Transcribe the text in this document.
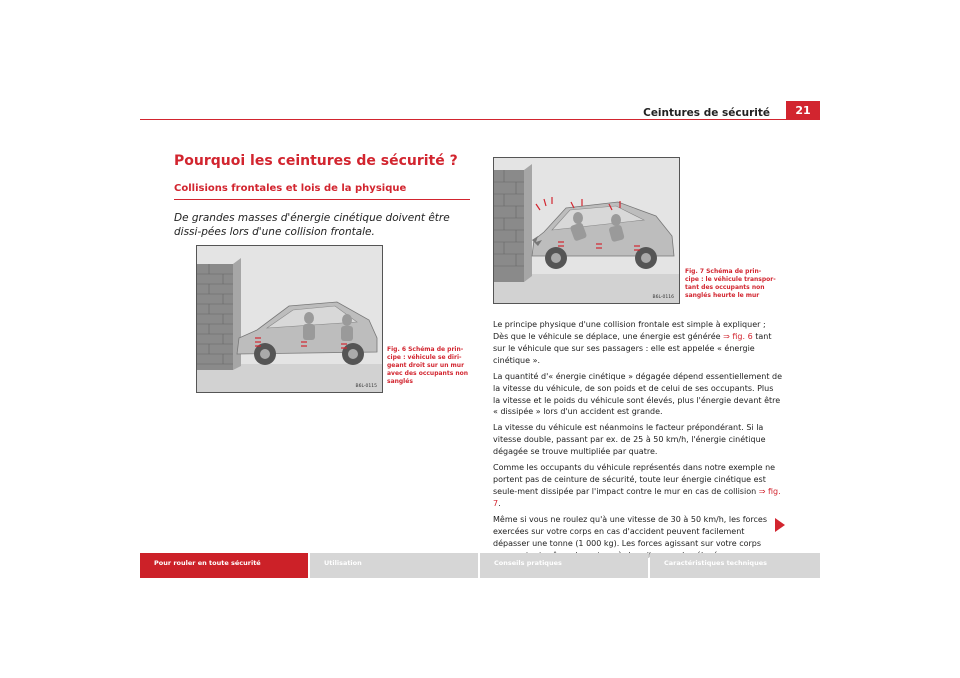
Ceintures de sécurité	21
Pourquoi les ceintures de sécurité ?
Collisions frontales et lois de la physique
De grandes masses d'énergie cinétique doivent être dissi-pées lors d'une collision frontale.
B6L-0115
Fig. 6 Schéma de prin-
cipe : véhicule se diri-
geant droit sur un mur
avec des occupants non
sanglés
B6L-0116
Fig. 7 Schéma de prin-
cipe : le véhicule transpor-
tant des occupants non
sanglés heurte le mur

Le principe physique d'une collision frontale est simple à expliquer ; Dès que le véhicule se déplace, une énergie est générée ⇒ fig. 6 tant sur le véhicule que sur ses passagers : elle est appelée « énergie cinétique ».

La quantité d'« énergie cinétique » dégagée dépend essentiellement de la vitesse du véhicule, de son poids et de celui de ses occupants. Plus la vitesse et le poids du véhicule sont élevés, plus l'énergie devant être « dissipée » lors d'un accident est grande.

La vitesse du véhicule est néanmoins le facteur prépondérant. Si la vitesse double, passant par ex. de 25 à 50 km/h, l'énergie cinétique dégagée se trouve multipliée par quatre.

Comme les occupants du véhicule représentés dans notre exemple ne portent pas de ceinture de sécurité, toute leur énergie cinétique est seule-ment dissipée par l'impact contre le mur en cas de collision ⇒ fig. 7.

Même si vous ne roulez qu'à une vitesse de 30 à 50 km/h, les forces exercées sur votre corps en cas d'accident peuvent facilement dépasser une tonne (1 000 kg). Les forces agissant sur votre corps

Pour rouler en toute sécurité	Utilisation	Conseils pratiques	Caractéristiques techniques
